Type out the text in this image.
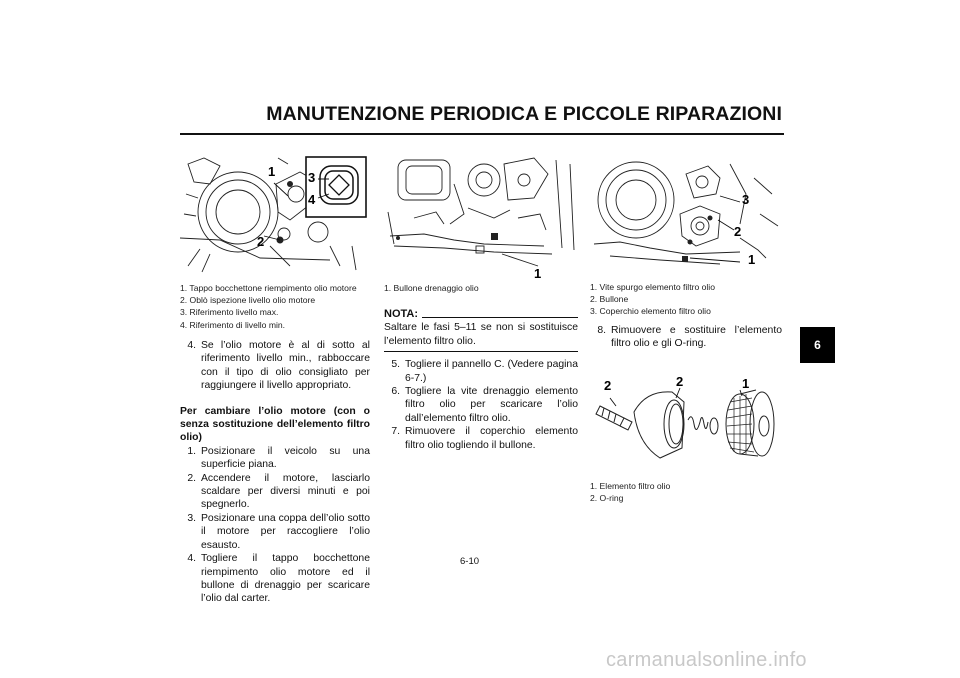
MANUTENZIONE PERIODICA E PICCOLE RIPARAZIONI
6
1
2
3
4
1. Tappo bocchettone riempimento olio motore
2. Oblò ispezione livello olio motore
3. Riferimento livello max.
4. Riferimento di livello min.
4. Se l’olio motore è al di sotto al riferimento livello min., rabboccare con il tipo di olio consigliato per raggiungere il livello appropriato.
Per cambiare l’olio motore (con o senza sostituzione dell’elemento filtro olio)
1. Posizionare il veicolo su una superficie piana.
2. Accendere il motore, lasciarlo scaldare per diversi minuti e poi spegnerlo.
3. Posizionare una coppa dell’olio sotto il motore per raccogliere l’olio esausto.
4. Togliere il tappo bocchettone riempimento olio motore ed il bullone di drenaggio per scaricare l’olio dal carter.
1
1. Bullone drenaggio olio
NOTA:
Saltare le fasi 5–11 se non si sostituisce l’elemento filtro olio.
5. Togliere il pannello C. (Vedere pagina 6-7.)
6. Togliere la vite drenaggio elemento filtro olio per scaricare l’olio dall’elemento filtro olio.
7. Rimuovere il coperchio elemento filtro olio togliendo il bullone.
3
2
1
1. Vite spurgo elemento filtro olio
2. Bullone
3. Coperchio elemento filtro olio
8. Rimuovere e sostituire l’elemento filtro olio e gli O-ring.
2	2	1
1. Elemento filtro olio
2. O-ring
6-10
carmanualsonline.info
